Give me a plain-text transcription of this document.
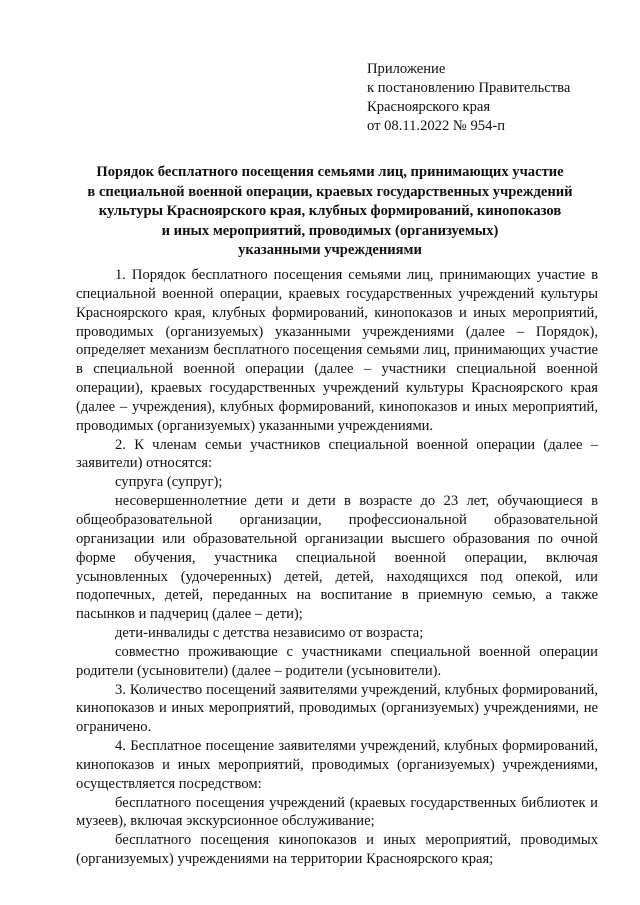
Приложение
к постановлению Правительства
Красноярского края
от 08.11.2022 № 954-п
Порядок бесплатного посещения семьями лиц, принимающих участие
в специальной военной операции, краевых государственных учреждений
культуры Красноярского края, клубных формирований, кинопоказов
и иных мероприятий, проводимых (организуемых)
указанными учреждениями

1. Порядок бесплатного посещения семьями лиц, принимающих участие в специальной военной операции, краевых государственных учреждений культуры Красноярского края, клубных формирований, кинопоказов и иных мероприятий, проводимых (организуемых) указанными учреждениями (далее – Порядок), определяет механизм бесплатного посещения семьями лиц, принимающих участие в специальной военной операции (далее – участники специальной военной операции), краевых государственных учреждений культуры Красноярского края (далее – учреждения), клубных формирований, кинопоказов и иных мероприятий, проводимых (организуемых) указанными учреждениями.

2. К членам семьи участников специальной военной операции (далее – заявители) относятся:

супруга (супруг);

несовершеннолетние дети и дети в возрасте до 23 лет, обучающиеся в общеобразовательной организации, профессиональной образовательной организации или образовательной организации высшего образования по очной форме обучения, участника специальной военной операции, включая усыновленных (удочеренных) детей, детей, находящихся под опекой, или подопечных, детей, переданных на воспитание в приемную семью, а также пасынков и падчериц (далее – дети);

дети-инвалиды с детства независимо от возраста;

совместно проживающие с участниками специальной военной операции родители (усыновители) (далее – родители (усыновители).

3. Количество посещений заявителями учреждений, клубных формирований, кинопоказов и иных мероприятий, проводимых (организуемых) учреждениями, не ограничено.

4. Бесплатное посещение заявителями учреждений, клубных формирований, кинопоказов и иных мероприятий, проводимых (организуемых) учреждениями, осуществляется посредством:

бесплатного посещения учреждений (краевых государственных библиотек и музеев), включая экскурсионное обслуживание;

бесплатного посещения кинопоказов и иных мероприятий, проводимых (организуемых) учреждениями на территории Красноярского края;
